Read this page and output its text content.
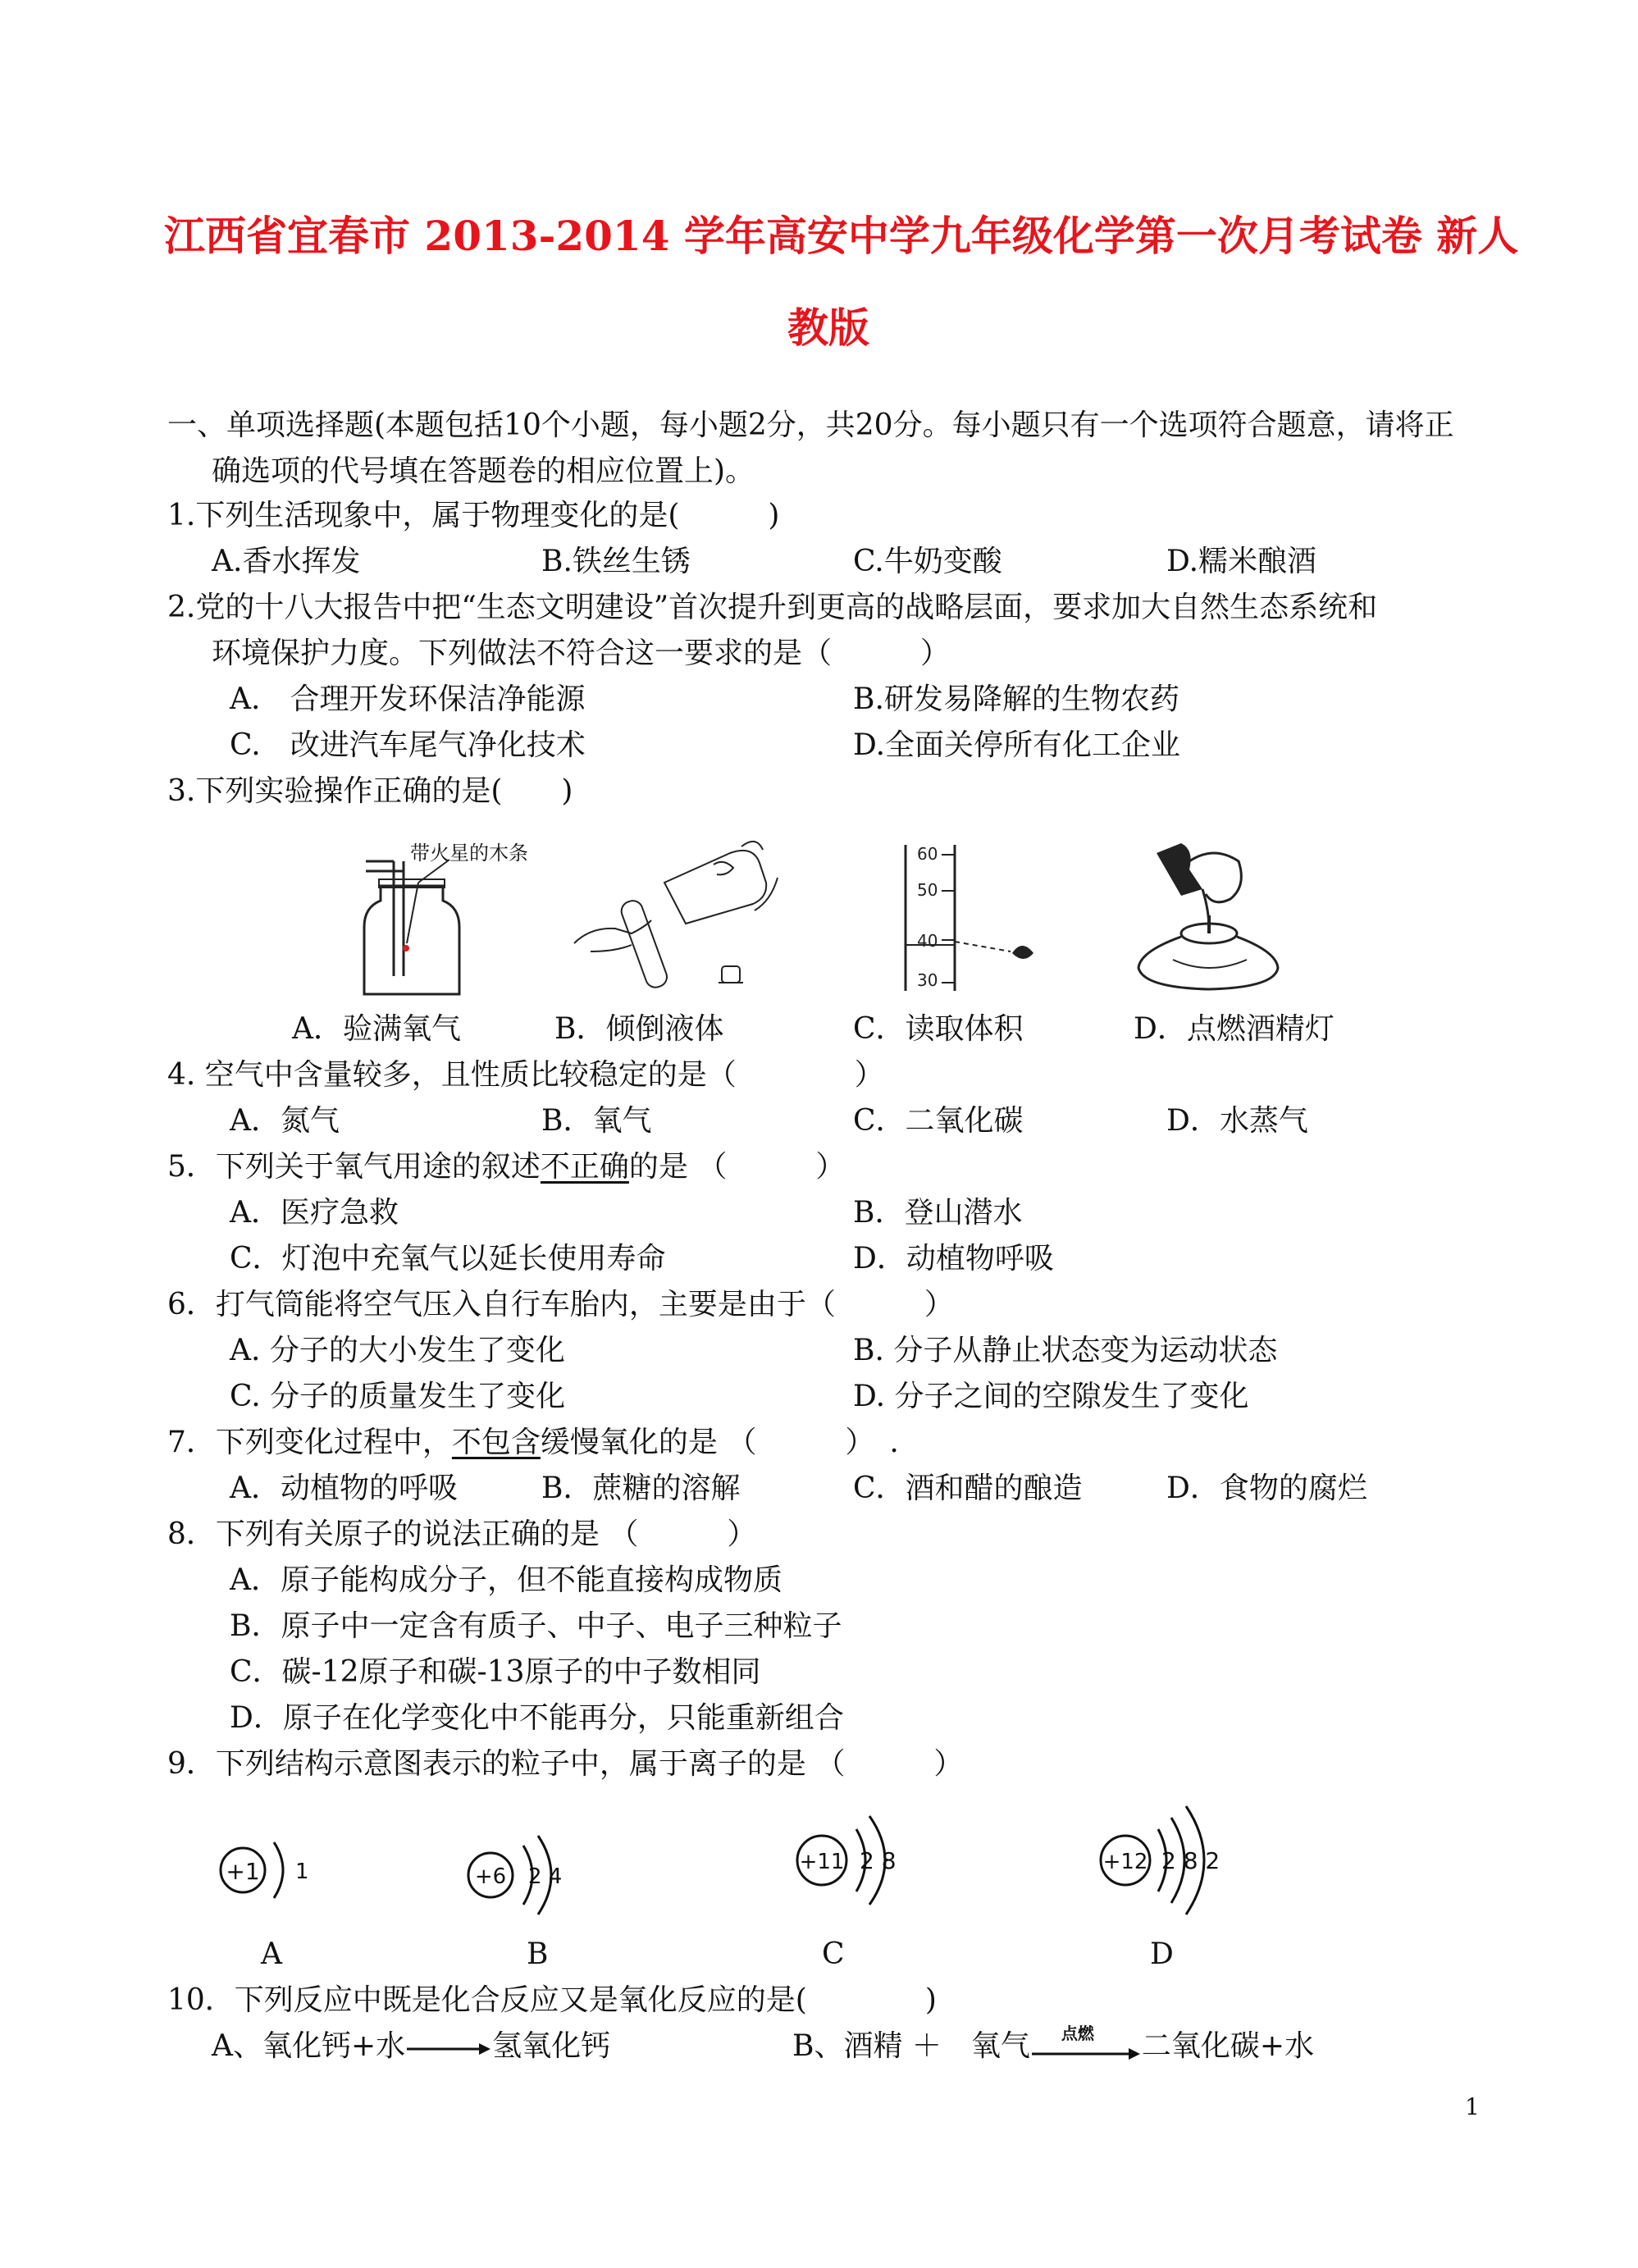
江西省宜春市 2013-2014 学年高安中学九年级化学第一次月考试卷 新人
教版
一、单项选择题(本题包括10个小题，每小题2分，共20分。每小题只有一个选项符合题意，请将正
确选项的代号填在答题卷的相应位置上)。
1.下列生活现象中，属于物理变化的是(　　　)
A.香水挥发	B.铁丝生锈	C.牛奶变酸	D.糯米酿酒
2.党的十八大报告中把“生态文明建设”首次提升到更高的战略层面，要求加大自然生态系统和
环境保护力度。下列做法不符合这一要求的是（　　　）
A.　合理开发环保洁净能源	B.研发易降解的生物农药
C.　改进汽车尾气净化技术	D.全面关停所有化工企业
3.下列实验操作正确的是(　　)
带火星的木条	60
50
40
30
A．验满氧气	B．倾倒液体	C．读取体积	D．点燃酒精灯
4. 空气中含量较多，且性质比较稳定的是（　　　　）
A．氮气	B．氧气	C．二氧化碳	D．水蒸气
5．下列关于氧气用途的叙述不正确的是 （　　　）
A．医疗急救	B．登山潜水
C．灯泡中充氧气以延长使用寿命	D．动植物呼吸
6．打气筒能将空气压入自行车胎内，主要是由于（　　　）
A. 分子的大小发生了变化	B. 分子从静止状态变为运动状态
C. 分子的质量发生了变化	D. 分子之间的空隙发生了变化
7．下列变化过程中，不包含缓慢氧化的是 （　　　）　.
A．动植物的呼吸	B．蔗糖的溶解	C．酒和醋的酿造	D．食物的腐烂
8．下列有关原子的说法正确的是 （　　　）
A．原子能构成分子，但不能直接构成物质
B．原子中一定含有质子、中子、电子三种粒子
C．碳-12原子和碳-13原子的中子数相同
D．原子在化学变化中不能再分，只能重新组合
9．下列结构示意图表示的粒子中，属于离子的是 （　　　）
+1 1	+6 2 4
+11 2 8	+12 2 8 2
A	B	C	D
10．下列反应中既是化合反应又是氧化反应的是(　　　　)
A、氧化钙+水	氢氧化钙	B、酒精 ＋　氧气 点燃 二氧化碳+水
1
